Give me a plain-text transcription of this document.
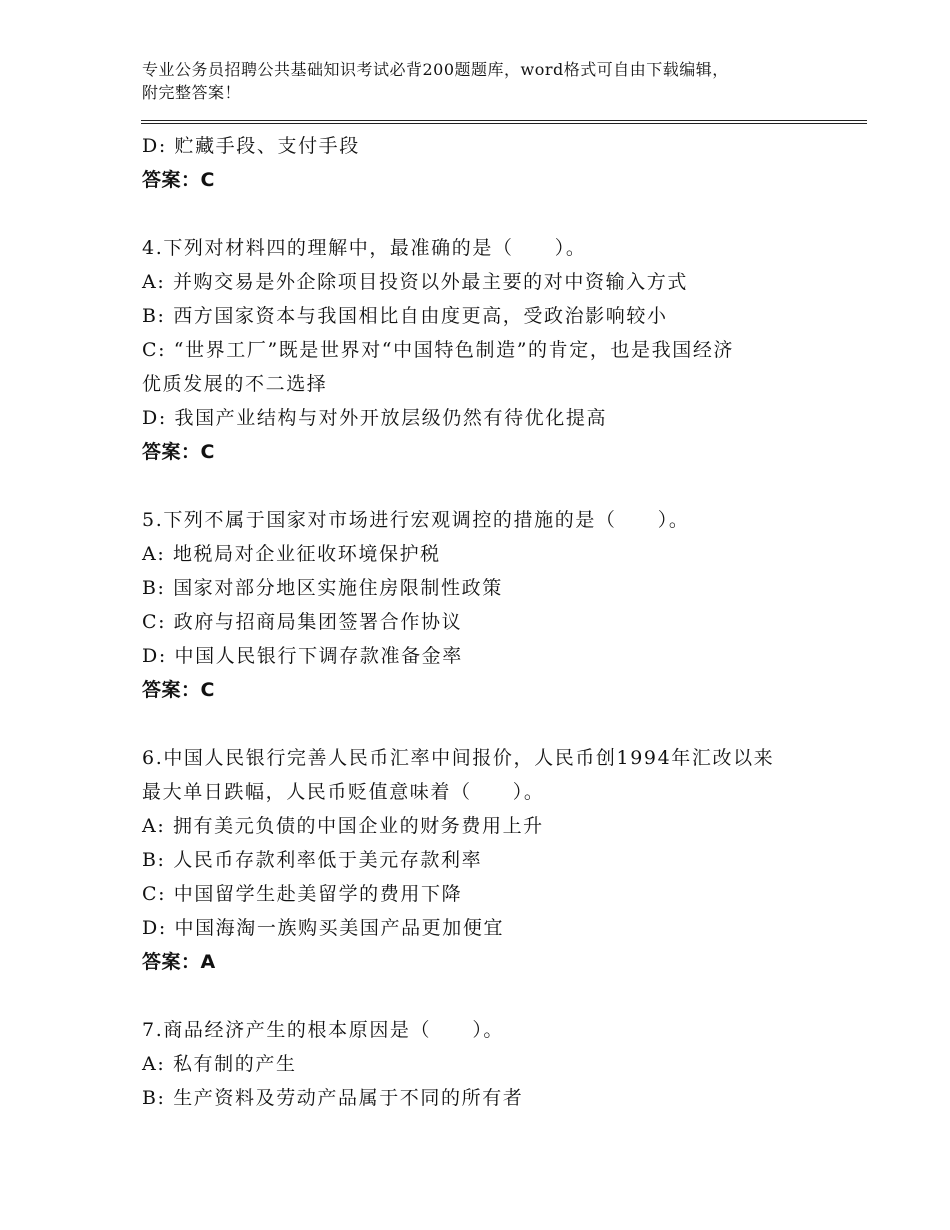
专业公务员招聘公共基础知识考试必背200题题库，word格式可自由下载编辑，
附完整答案！
D: 贮藏手段、支付手段
答案：C
4.下列对材料四的理解中，最准确的是（　　）。
A: 并购交易是外企除项目投资以外最主要的对中资输入方式
B: 西方国家资本与我国相比自由度更高，受政治影响较小
C: “世界工厂”既是世界对“中国特色制造”的肯定，也是我国经济
优质发展的不二选择
D: 我国产业结构与对外开放层级仍然有待优化提高
答案：C
5.下列不属于国家对市场进行宏观调控的措施的是（　　）。
A: 地税局对企业征收环境保护税
B: 国家对部分地区实施住房限制性政策
C: 政府与招商局集团签署合作协议
D: 中国人民银行下调存款准备金率
答案：C
6.中国人民银行完善人民币汇率中间报价，人民币创1994年汇改以来
最大单日跌幅，人民币贬值意味着（　　）。
A: 拥有美元负债的中国企业的财务费用上升
B: 人民币存款利率低于美元存款利率
C: 中国留学生赴美留学的费用下降
D: 中国海淘一族购买美国产品更加便宜
答案：A
7.商品经济产生的根本原因是（　　）。
A: 私有制的产生
B: 生产资料及劳动产品属于不同的所有者
